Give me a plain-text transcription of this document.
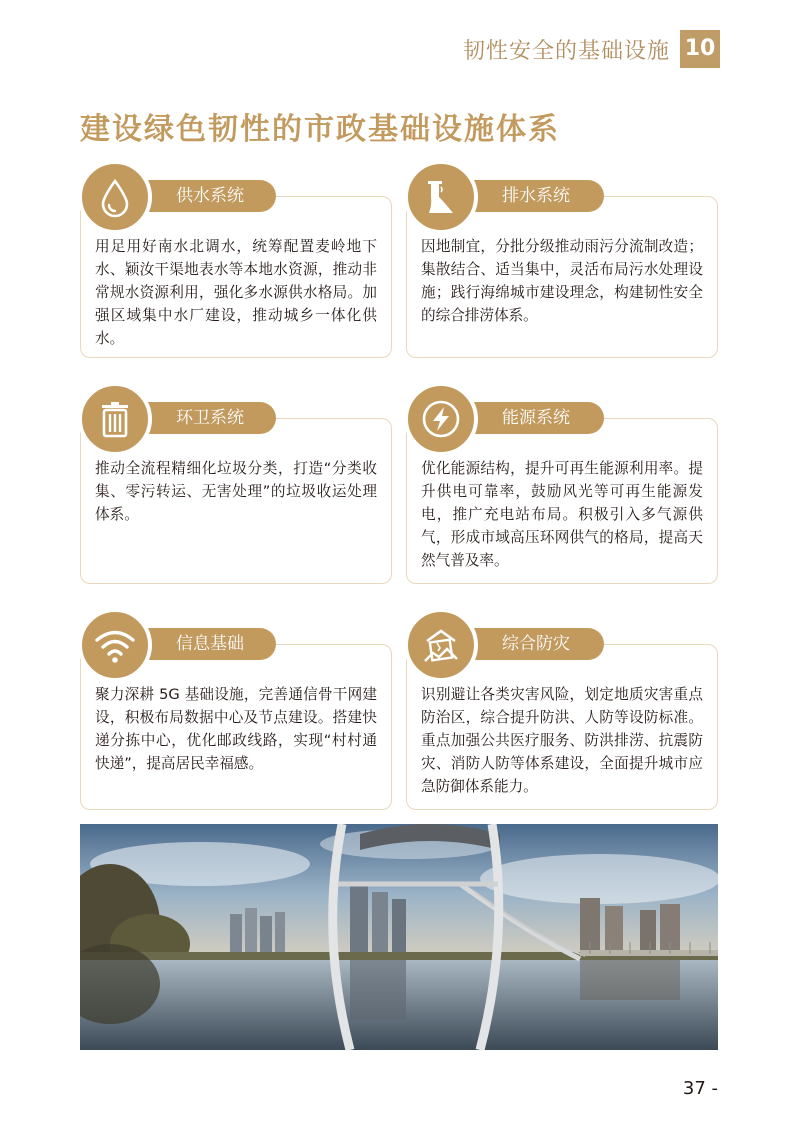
韧性安全的基础设施 10
建设绿色韧性的市政基础设施体系
用足用好南水北调水，统筹配置麦岭地下水、颖汝干渠地表水等本地水资源，推动非常规水资源利用，强化多水源供水格局。加强区域集中水厂建设，推动城乡一体化供水。
供水系统
因地制宜，分批分级推动雨污分流制改造；集散结合、适当集中，灵活布局污水处理设施；践行海绵城市建设理念，构建韧性安全的综合排涝体系。
排水系统
推动全流程精细化垃圾分类，打造“分类收集、零污转运、无害处理”的垃圾收运处理体系。
环卫系统
优化能源结构，提升可再生能源利用率。提升供电可靠率，鼓励风光等可再生能源发电，推广充电站布局。积极引入多气源供气，形成市域高压环网供气的格局，提高天然气普及率。
能源系统
聚力深耕 5G 基础设施，完善通信骨干网建设，积极布局数据中心及节点建设。搭建快递分拣中心，优化邮政线路，实现“村村通快递”，提高居民幸福感。
信息基础设施
识别避让各类灾害风险，划定地质灾害重点防治区，综合提升防洪、人防等设防标准。重点加强公共医疗服务、防洪排涝、抗震防灾、消防人防等体系建设，全面提升城市应急防御体系能力。
综合防灾
37 -
